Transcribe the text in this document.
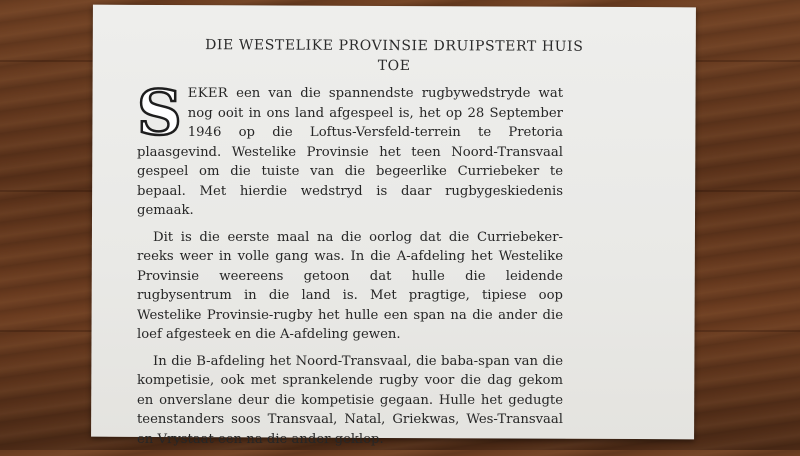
DIE WESTELIKE PROVINSIE DRUIPSTERT HUIS
TOE

SEKER een van die spannendste rugbywedstryde wat nog ooit in ons land afgespeel is, het op 28 September 1946 op die Loftus-Versfeld-terrein te Pretoria plaasgevind. Westelike Provinsie het teen Noord-Transvaal gespeel om die tuiste van die begeerlike Curriebeker te bepaal. Met hierdie wedstryd is daar rugbygeskiedenis gemaak.

Dit is die eerste maal na die oorlog dat die Curriebeker-reeks weer in volle gang was. In die A-afdeling het Westelike Provinsie weereens getoon dat hulle die leidende rugbysentrum in die land is. Met pragtige, tipiese oop Westelike Provinsie-rugby het hulle een span na die ander die loef afgesteek en die A-afdeling gewen.

In die B-afdeling het Noord-Transvaal, die baba-span van die kompetisie, ook met sprankelende rugby voor die dag gekom en onverslane deur die kompetisie gegaan. Hulle het gedugte teenstanders soos Transvaal, Natal, Griekwas, Wes-Transvaal en Vrystaat een na die ander geklop.
